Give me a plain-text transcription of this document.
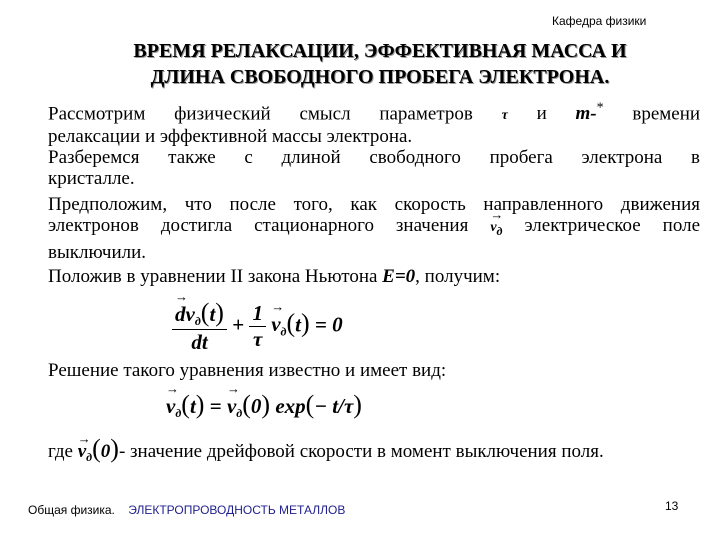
Кафедра физики
ВРЕМЯ РЕЛАКСАЦИИ, ЭФФЕКТИВНАЯ МАССА И
ДЛИНА СВОБОДНОГО ПРОБЕГА ЭЛЕКТРОНА.
Рассмотрим физический смысл параметров τ и m-* времени
релаксации и эффективной массы электрона.
Разберемся также с длиной свободного пробега электрона в
кристалле.
Предположим, что после того, как скорость направленного движения
электронов достигла стационарного значения → vд электрическое поле
выключили.
Положив в уравнении II закона Ньютона E=0, получим:
→ $\frac{dv_д(t)}{dt} + \frac{1}{\tau}$
→ $v_д(t) = 0$
Решение такого уравнения известно и имеет вид:
→ $v_д(t)$ = → $v_д(0)$ exp(− t/τ)
где → $v_д(0)-$ значение дрейфовой скорости в момент выключения поля.
Общая физика. ЭЛЕКТРОПРОВОДНОСТЬ МЕТАЛЛОВ	13
